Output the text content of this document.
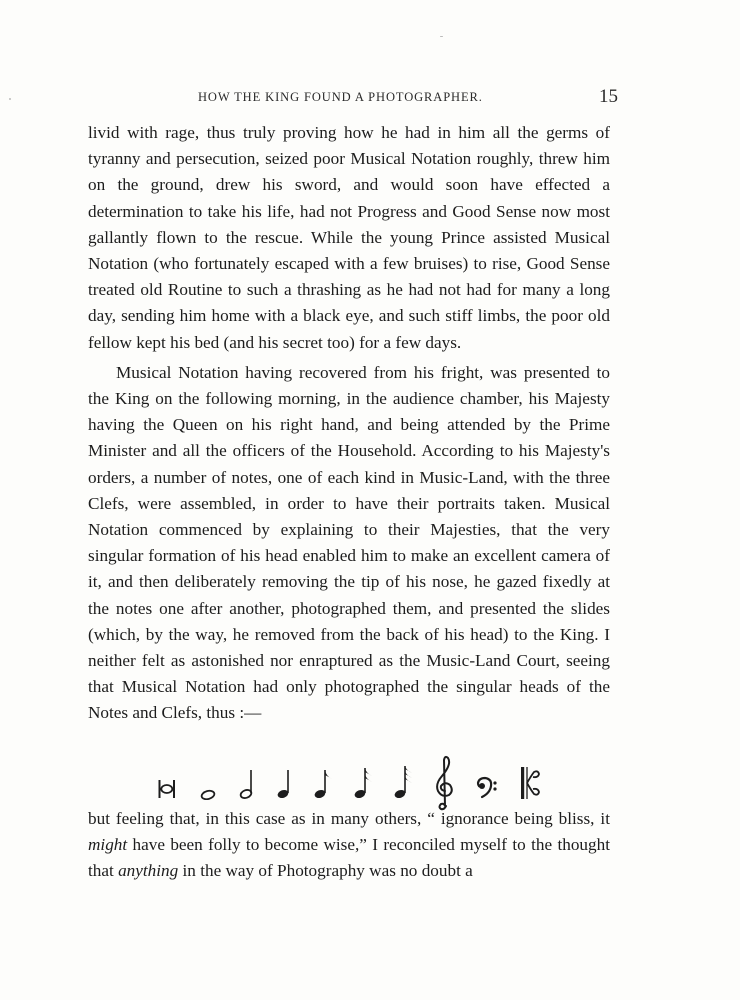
HOW THE KING FOUND A PHOTOGRAPHER.	15

livid with rage, thus truly proving how he had in him all the germs of tyranny and persecution, seized poor Musical Notation roughly, threw him on the ground, drew his sword, and would soon have effected a determination to take his life, had not Progress and Good Sense now most gallantly flown to the rescue. While the young Prince assisted Musical Notation (who fortunately escaped with a few bruises) to rise, Good Sense treated old Routine to such a thrashing as he had not had for many a long day, sending him home with a black eye, and such stiff limbs, the poor old fellow kept his bed (and his secret too) for a few days.

Musical Notation having recovered from his fright, was presented to the King on the following morning, in the audience chamber, his Majesty having the Queen on his right hand, and being attended by the Prime Minister and all the officers of the Household. According to his Majesty's orders, a number of notes, one of each kind in Music-Land, with the three Clefs, were assembled, in order to have their portraits taken. Musical Notation commenced by explaining to their Majesties, that the very singular formation of his head enabled him to make an excellent camera of it, and then deliberately removing the tip of his nose, he gazed fixedly at the notes one after another, photographed them, and presented the slides (which, by the way, he removed from the back of his head) to the King. I neither felt as astonished nor enraptured as the Music-Land Court, seeing that Musical Notation had only photographed the singular heads of the Notes and Clefs, thus :—

but feeling that, in this case as in many others, “ ignorance being bliss, it might have been folly to become wise,” I reconciled myself to the thought that anything in the way of Photography was no doubt a
